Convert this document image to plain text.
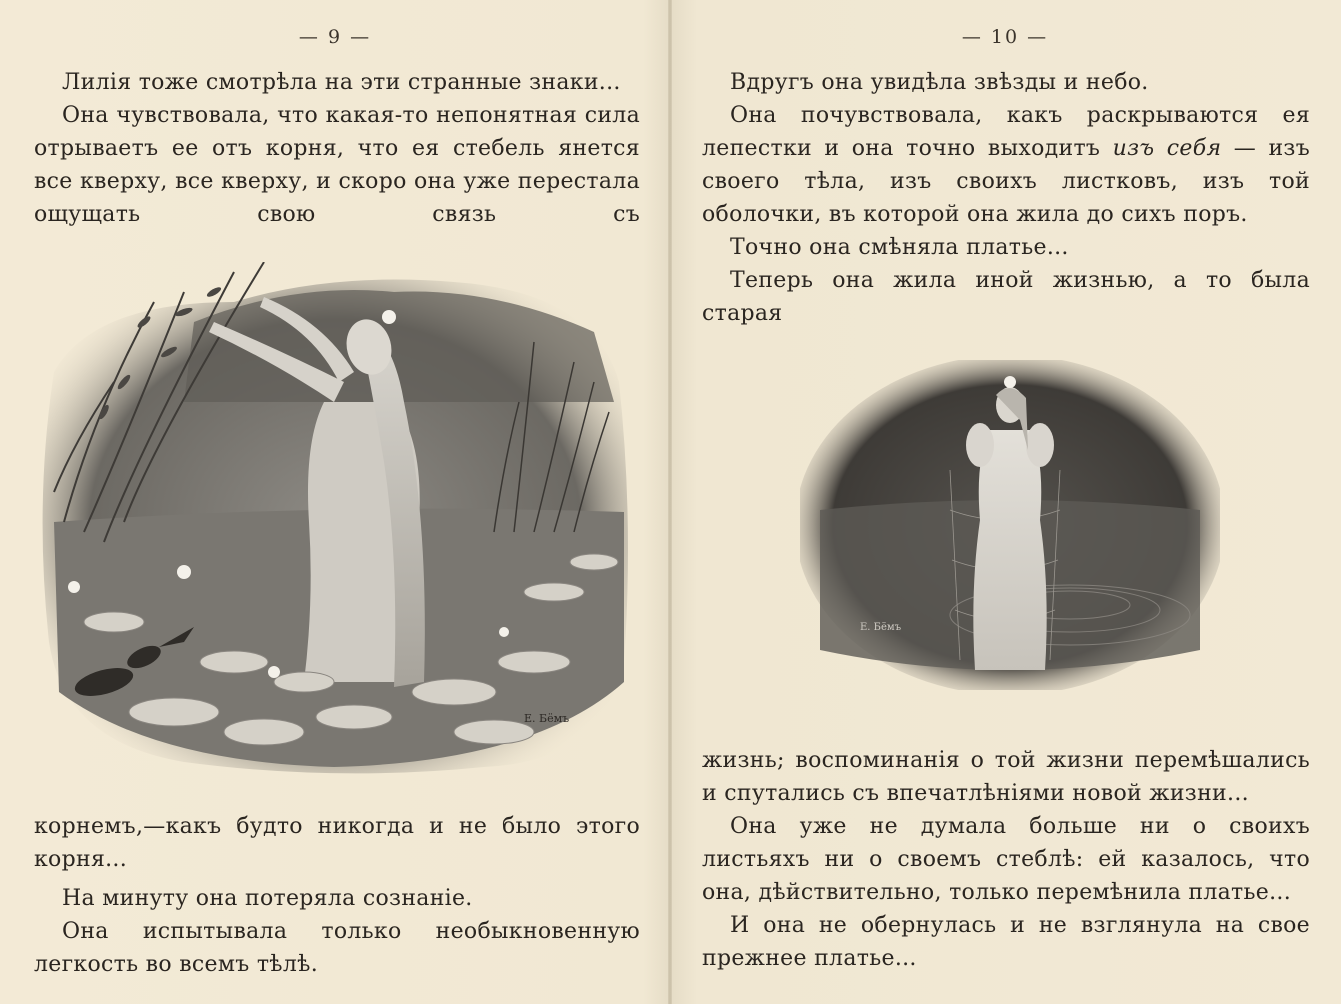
— 9 —

Лилія тоже смотрѣла на эти странные знаки...

Она чувствовала, что какая-то непонятная сила отрываетъ ее отъ корня, что ея стебель янется все кверху, все кверху, и скоро она уже перестала ощущать свою связь съ

Е. Бёмъ

корнемъ,—какъ будто никогда и не было этого корня...

На минуту она потеряла сознаніе.

Она испытывала только необыкновенную легкость во всемъ тѣлѣ.

— 10 —

Вдругъ она увидѣла звѣзды и небо.

Она почувствовала, какъ раскрываются ея лепестки и она точно выходитъ изъ себя — изъ своего тѣла, изъ своихъ листковъ, изъ той оболочки, въ которой она жила до сихъ поръ.

Точно она смѣняла платье...

Теперь она жила иной жизнью, а то была старая

Е. Бёмъ

жизнь; воспоминанія о той жизни перемѣшались и спутались съ впечатлѣніями новой жизни...

Она уже не думала больше ни о своихъ листьяхъ ни о своемъ стеблѣ: ей казалось, что она, дѣйствительно, только перемѣнила платье...

И она не обернулась и не взглянула на свое прежнее платье...
